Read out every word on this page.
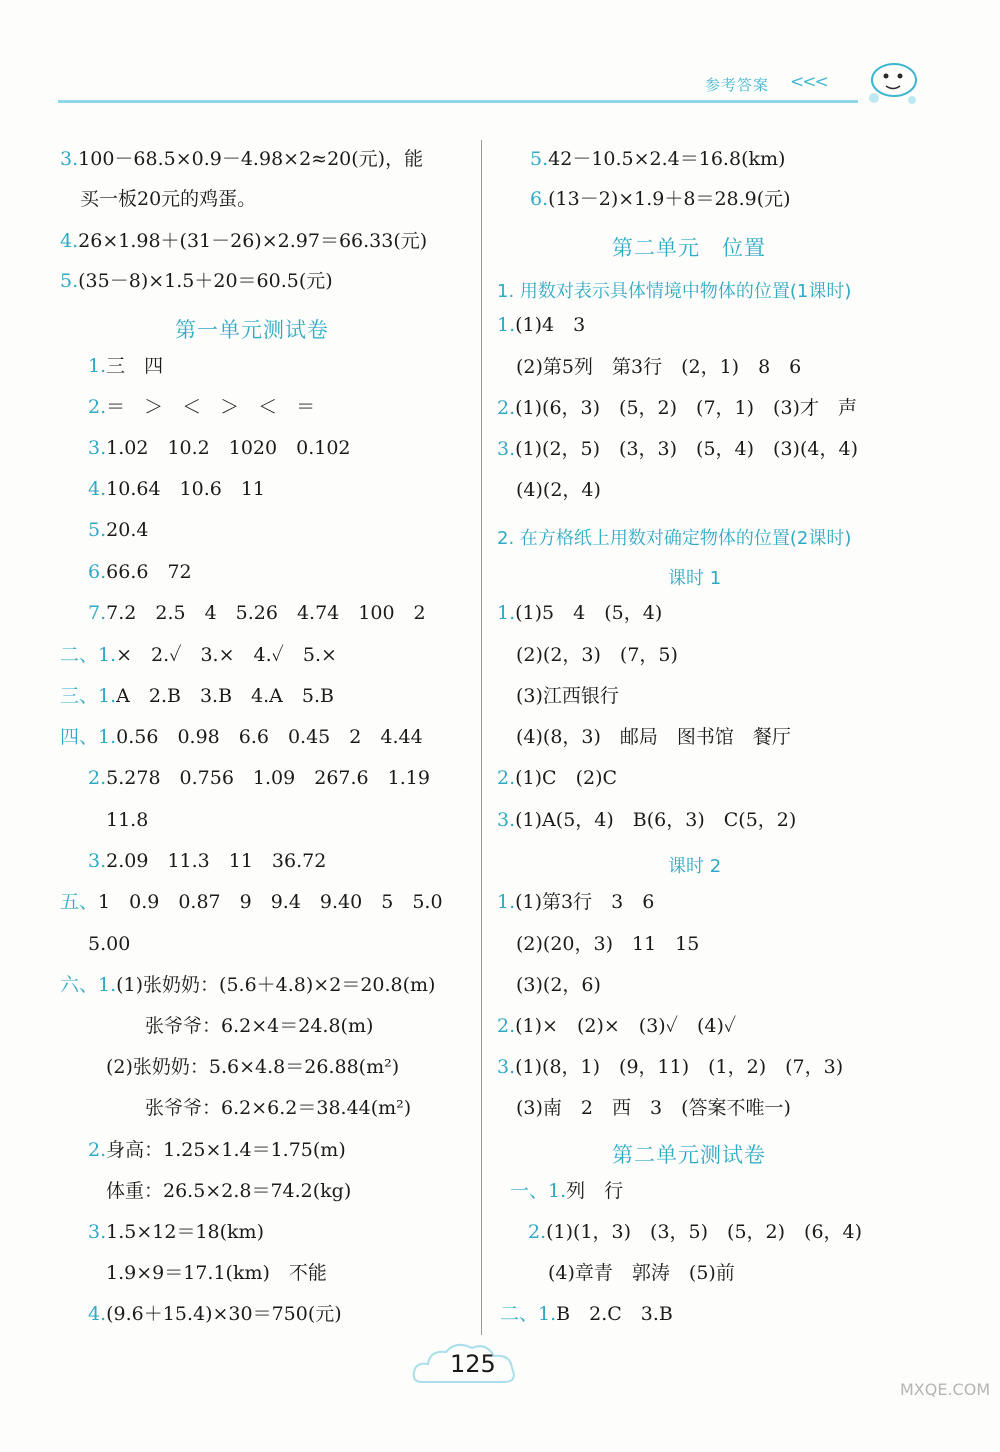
参考答案 <<<
3.100－68.5×0.9－4.98×2≈20(元)，能
买一板20元的鸡蛋。
4.26×1.98＋(31－26)×2.97＝66.33(元)
5.(35－8)×1.5＋20＝60.5(元)
第一单元测试卷
1.三　四
2.＝　＞　＜　＞　＜　＝
3.1.02　10.2　1020　0.102
4.10.64　10.6　11
5.20.4
6.66.6　72
7.7.2　2.5　4　5.26　4.74　100　2
二、1.×　2.✓　3.×　4.✓　5.×
三、1.A　2.B　3.B　4.A　5.B
四、1.0.56　0.98　6.6　0.45　2　4.44
2.5.278　0.756　1.09　267.6　1.19
11.8
3.2.09　11.3　11　36.72
五、1　0.9　0.87　9　9.4　9.40　5　5.0
5.00
六、1.(1)张奶奶：(5.6＋4.8)×2＝20.8(m)
张爷爷：6.2×4＝24.8(m)
(2)张奶奶：5.6×4.8＝26.88(m²)
张爷爷：6.2×6.2＝38.44(m²)
2.身高：1.25×1.4＝1.75(m)
体重：26.5×2.8＝74.2(kg)
3.1.5×12＝18(km)
1.9×9＝17.1(km)　不能
4.(9.6＋15.4)×30＝750(元)
5.42－10.5×2.4＝16.8(km)
6.(13－2)×1.9＋8＝28.9(元)
第二单元　位置
1. 用数对表示具体情境中物体的位置(1课时)
1.(1)4　3
(2)第5列　第3行　(2，1)　8　6
2.(1)(6，3)　(5，2)　(7，1)　(3)才　声
3.(1)(2，5)　(3，3)　(5，4)　(3)(4，4)
(4)(2，4)
2. 在方格纸上用数对确定物体的位置(2课时)
课时 1
1.(1)5　4　(5，4)
(2)(2，3)　(7，5)
(3)江西银行
(4)(8，3)　邮局　图书馆　餐厅
2.(1)C　(2)C
3.(1)A(5，4)　B(6，3)　C(5，2)
课时 2
1.(1)第3行　3　6
(2)(20，3)　11　15
(3)(2，6)
2.(1)×　(2)×　(3)✓　(4)✓
3.(1)(8，1)　(9，11)　(1，2)　(7，3)
(3)南　2　西　3　(答案不唯一)
第二单元测试卷
一、1.列　行
2.(1)(1，3)　(3，5)　(5，2)　(6，4)
(4)章青　郭涛　(5)前
二、1.B　2.C　3.B
125
MXQE.COM
